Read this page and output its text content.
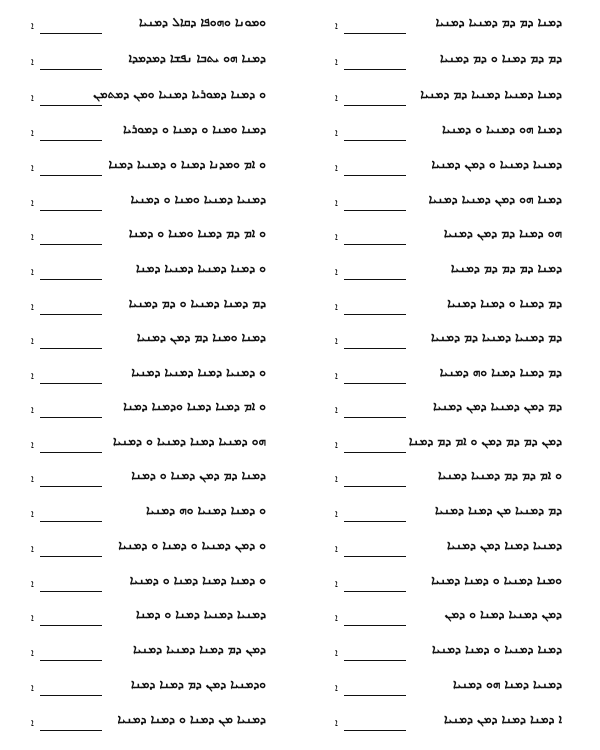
ܘܡܘܢܐ ܘܗܘܦܐ ܕܩܐܠ ܕܡܢܝܐ
ܐ
ܕܡܢܐ ܗܘ ܝܬܒܐ ܢܦܫܐ ܕܡܕܡܕܐ
ܐ
ܘ ܕܡܢܐ ܕܡܘܪܝܐ ܕܡܢܝܐ ܘܡܢ ܕܡܬܡܢ
ܐ
ܕܡܢܐ ܘܡܢܐ ܘ ܕܡܢܐ ܘ ܕܡܘܪܝܐ
ܐ
ܘ ܐܡ ܘܡܕܢܐ ܕܡܢܐ ܘ ܕܡܢܝܐ ܕܡܢܐ
ܐ
ܕܡܢܝܐ ܕܡܢܝܐ ܘܡܢܐ ܘ ܕܡܢܝܐ
ܐ
ܘ ܐܡ ܕܡ ܕܡܢܐ ܘܡܢܐ ܘ ܕܡܢܐ
ܐ
ܘ ܕܡܢܐ ܕܡܢܝܐ ܕܡܢܝܐ ܕܡܢܐ
ܐ
ܕܡ ܕܡܢܐ ܕܡܢܝܐ ܘ ܕܡ ܕܡܢܝܐ
ܐ
ܕܡܢܐ ܘܡܢܐ ܕܡ ܕܡܢ ܕܡܢܝܐ
ܐ
ܘ ܕܡܢܝܐ ܕܡܢܐ ܕܡܢܝܐ ܕܡܢܝܐ
ܐ
ܘ ܐܡ ܕܡܢܐ ܕܡܢܐ ܘܕܡܢܐ ܕܡܢܐ
ܐ
ܗܘ ܕܡܢܝܐ ܕܡܢܐ ܕܡܢܝܐ ܘ ܕܡܢܝܐ
ܐ
ܕܡܢܐ ܕܡ ܕܡܢ ܕܡܢܐ ܘ ܕܡܢܐ
ܐ
ܘ ܕܡܢܐ ܕܡܢܝܐ ܘܗ ܕܡܢܝܐ
ܐ
ܘ ܕܡܢ ܕܡܢܝܐ ܘ ܕܡܢܐ ܘ ܕܡܢܝܐ
ܐ
ܘ ܕܡܢܐ ܕܡܢܐ ܕܡܢܐ ܘ ܕܡܢܝܐ
ܐ
ܕܡܢܝܐ ܕܡܢܝܐ ܕܡܢܐ ܘ ܕܡܢܐ
ܐ
ܕܡܢ ܕܡ ܕܡܢܐ ܕܡܢܝܐ ܕܡܢܝܐ
ܐ
ܘܕܡܢܝܐ ܕܡܢ ܕܡ ܕܡܢܐ ܕܡܢܐ
ܐ
ܕܡܢܝܐ ܡܢ ܕܡܢܐ ܘ ܕܡܢܐ ܕܡܢܝܐ
ܐ
ܕܡܢܐ ܕܡ ܕܡ ܕܡܢܝܐ ܕܡܢܝܐ
ܐ
ܕܡ ܕܡ ܕܡܢܐ ܘ ܕܡ ܕܡܢܝܐ
ܐ
ܕܡܢܐ ܕܡܢܝܐ ܕܡܢܝܐ ܕܡ ܕܡܢܝܐ
ܐ
ܕܡܢܐ ܗܘ ܕܡܢܝܐ ܘ ܕܡܢܝܐ
ܐ
ܕܡܢܝܐ ܕܡܢܝܐ ܘ ܕܡܢ ܕܡܢܝܐ
ܐ
ܕܡܢܐ ܗܘ ܕܡܢ ܕܡܢܝܐ ܕܡܢܝܐ
ܐ
ܗܘ ܕܡܢܐ ܕܡ ܕܡܢ ܕܡܢܝܐ
ܐ
ܕܡܢܐ ܕܡ ܕܡ ܕܡ ܕܡܢܝܐ
ܐ
ܕܡ ܕܡܢܐ ܘ ܕܡܢܐ ܕܡܢܝܐ
ܐ
ܕܡ ܕܡܢܝܐ ܕܡܢܝܐ ܕܡ ܕܡܢܝܐ
ܐ
ܕܡ ܕܡܢܐ ܕܡܢܐ ܘܗ ܕܡܢܝܐ
ܐ
ܕܡ ܕܡܢ ܕܡܢܝܐ ܕܡܢ ܕܡܢܝܐ
ܐ
ܕܡܢ ܕܡ ܕܡ ܕܡܢ ܘ ܐܡ ܕܡ ܕܡܢܐ
ܐ
ܘ ܐܡ ܕܡ ܕܡ ܕܡܢܝܐ ܕܡܢܝܐ
ܐ
ܕܡ ܕܡܢܝܐ ܡܢ ܕܡܢܐ ܕܡܢܝܐ
ܐ
ܕܡܢܝܐ ܕܡܢܐ ܕܡܢ ܕܡܢܝܐ
ܐ
ܘܡܢܐ ܕܡܢܝܐ ܘ ܕܡܢܐ ܕܡܢܝܐ
ܐ
ܕܡܢ ܕܡܢܝܐ ܕܡܢܐ ܘ ܕܡܢ
ܐ
ܕܡܢܐ ܕܡܢܝܐ ܘ ܕܡܢܐ ܕܡܢܝܐ
ܐ
ܕܡܢܝܐ ܕܡܢܐ ܗܘ ܕܡܢܝܐ
ܐ
ܐ ܕܡܢܐ ܕܡܢܐ ܕܡܢ ܕܡܢܝܐ
ܐ
